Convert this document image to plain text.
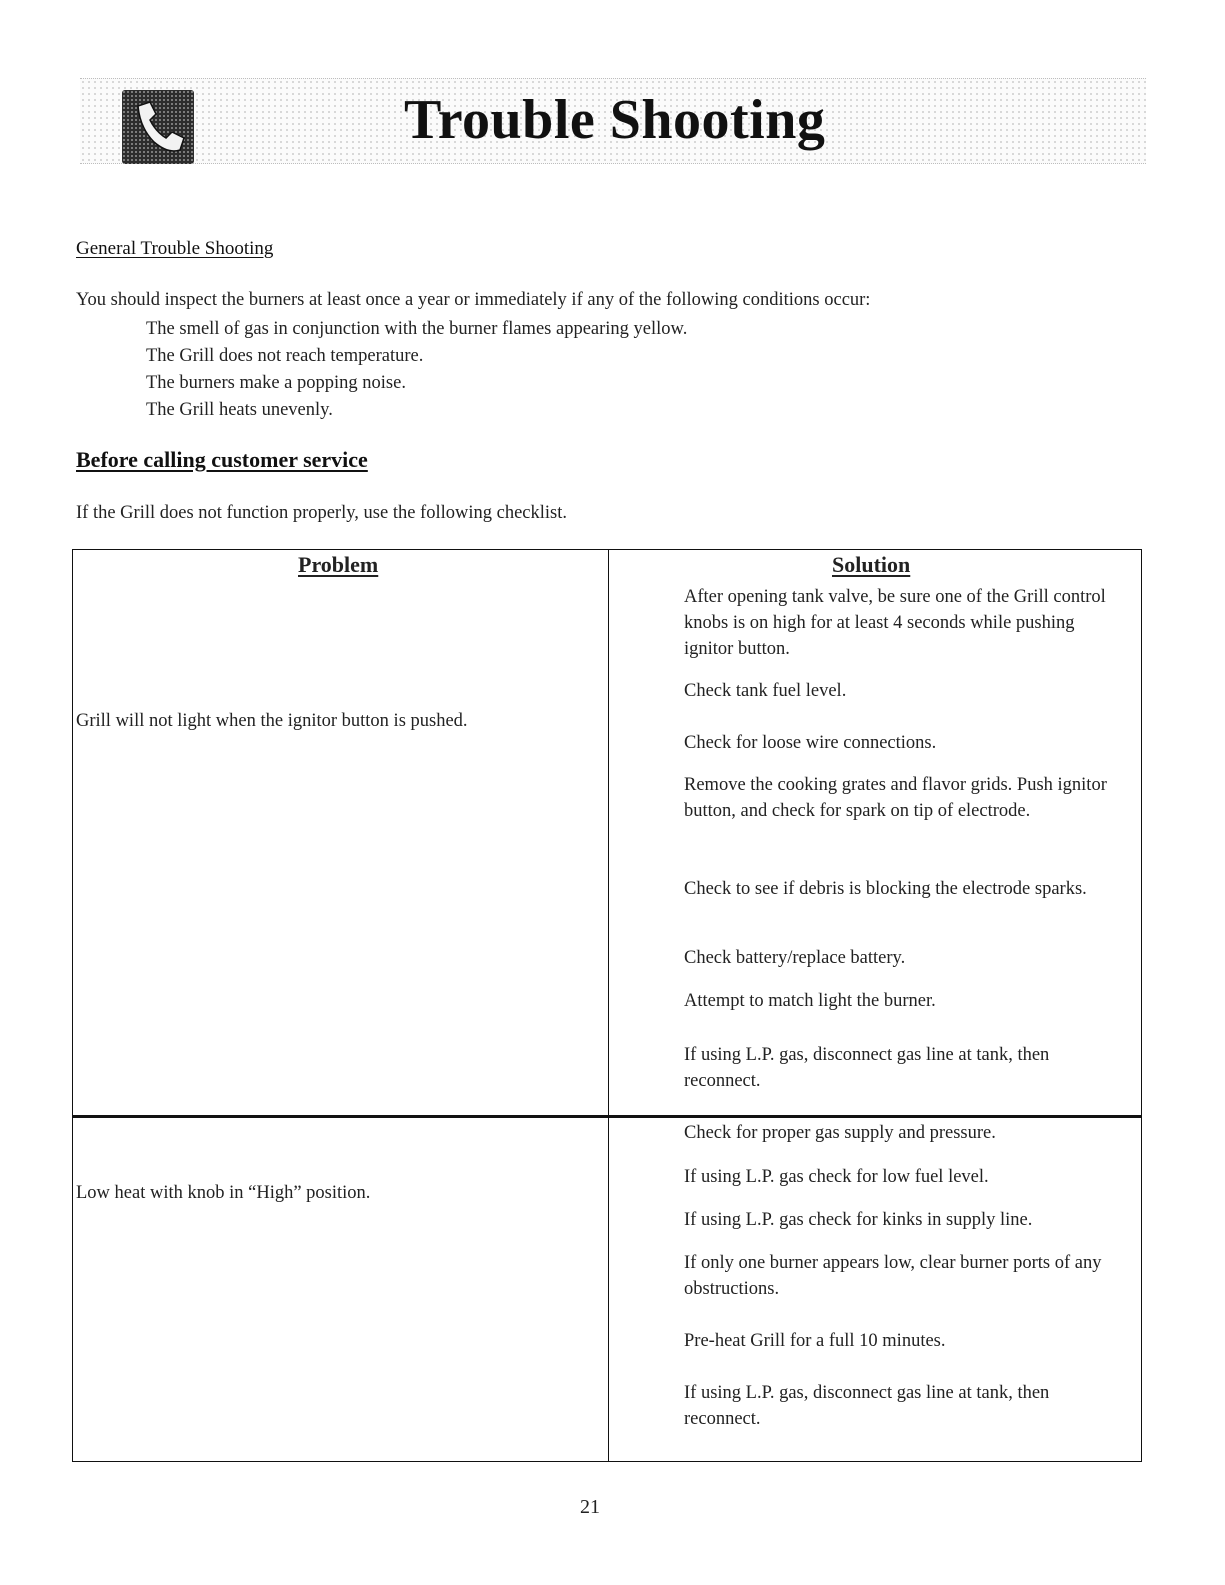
Trouble Shooting
General Trouble Shooting

You should inspect the burners at least once a year or immediately if any of the following conditions occur:

The smell of gas in conjunction with the burner flames appearing yellow.
The Grill does not reach temperature.
The burners make a popping noise.
The Grill heats unevenly.
Before calling customer service

If the Grill does not function properly, use the following checklist.

Problem	Solution

Grill will not light when the ignitor button is pushed.

Low heat with knob in “High” position.

After opening tank valve, be sure one of the Grill control knobs is on high for at least 4 seconds while pushing ignitor button.

Check tank fuel level.

Check for loose wire connections.

Remove the cooking grates and flavor grids. Push ignitor button, and check for spark on tip of electrode.

Check to see if debris is blocking the electrode sparks.

Check battery/replace battery.

Attempt to match light the burner.

If using L.P. gas, disconnect gas line at tank, then reconnect.

Check for proper gas supply and pressure.

If using L.P. gas check for low fuel level.

If using L.P. gas check for kinks in supply line.

If only one burner appears low, clear burner ports of any obstructions.

Pre-heat Grill for a full 10 minutes.

If using L.P. gas, disconnect gas line at tank, then reconnect.

21
